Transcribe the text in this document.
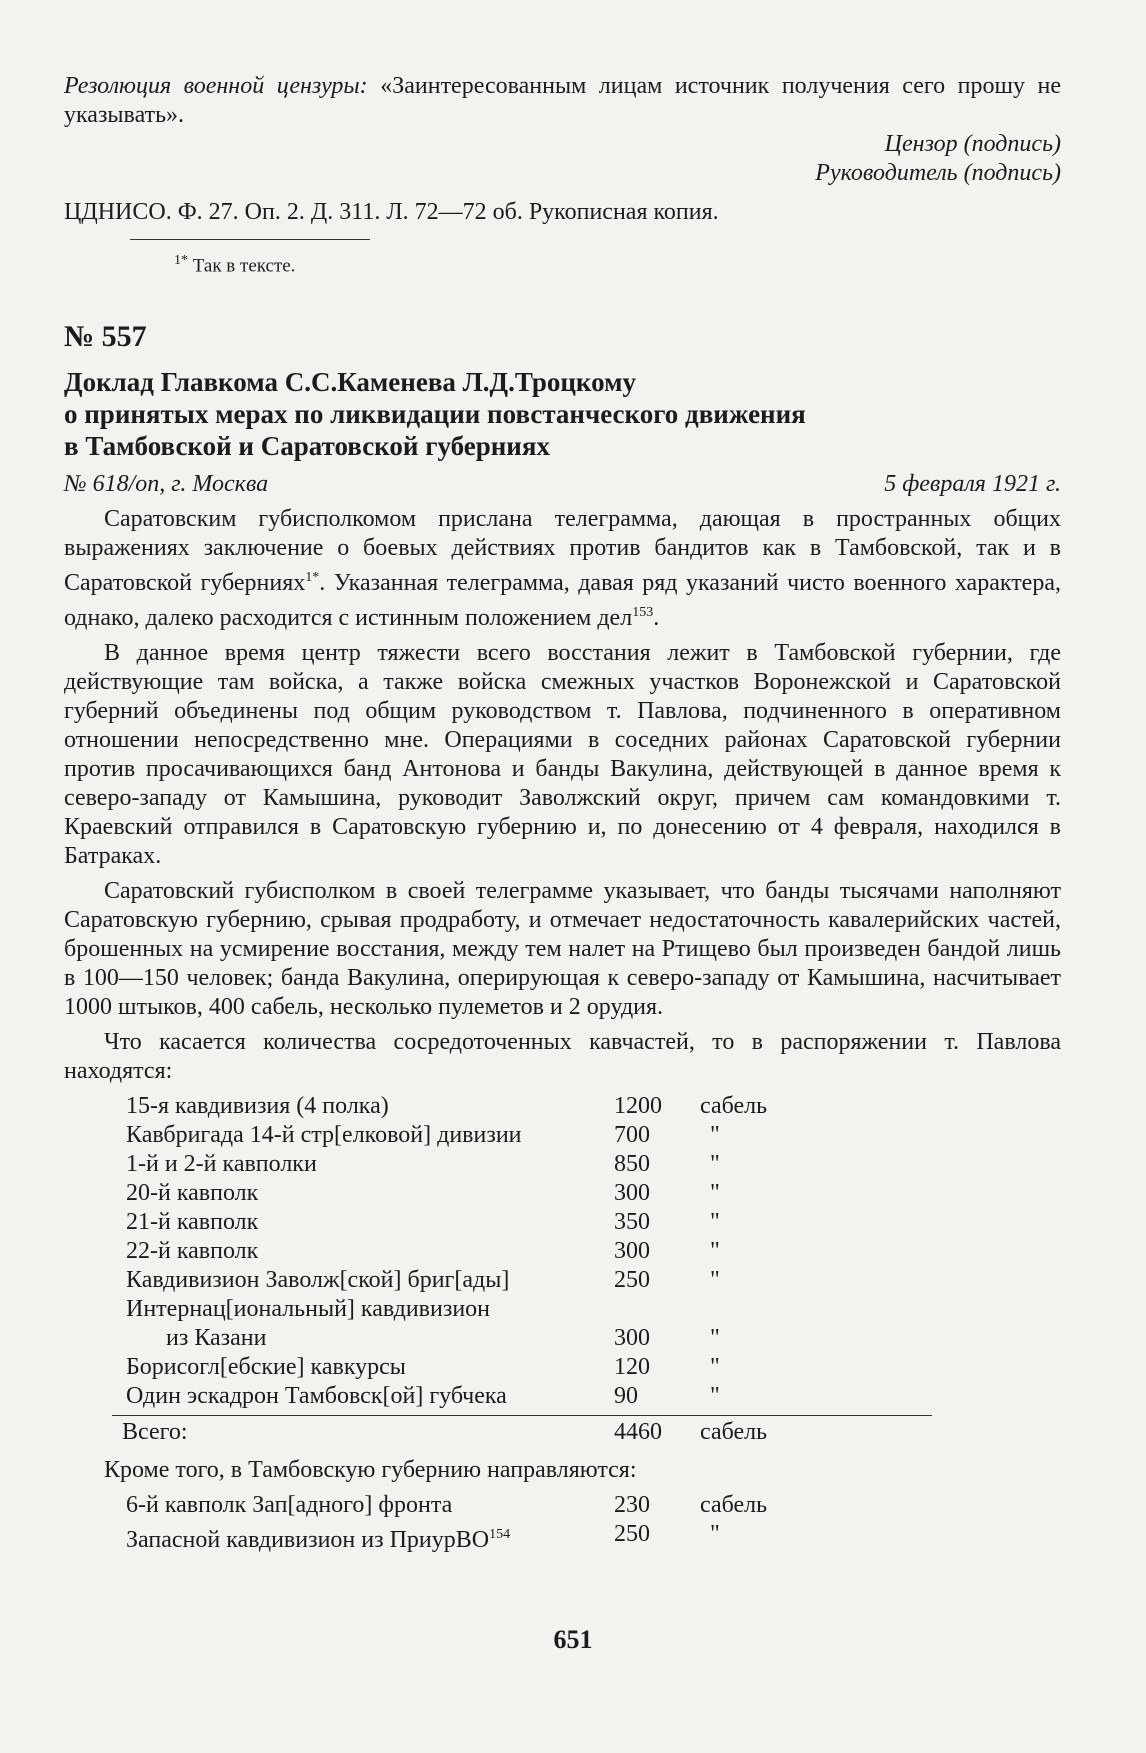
Резолюция военной цензуры: «Заинтересованным лицам источник получения сего прошу не указывать».
Цензор (подпись)
Руководитель (подпись)
ЦДНИСО. Ф. 27. Оп. 2. Д. 311. Л. 72—72 об. Рукописная копия.
$^{1*}$ Так в тексте.
№ 557
Доклад Главкома С.С.Каменева Л.Д.Троцкому
о принятых мерах по ликвидации повстанческого движения
в Тамбовской и Саратовской губерниях
№ 618/оп, г. Москва	5 февраля 1921 г.

Саратовским губисполкомом прислана телеграмма, дающая в пространных общих выражениях заключение о боевых действиях против бандитов как в Тамбовской, так и в Саратовской губерниях$^{1*}$. Указанная телеграмма, давая ряд указаний чисто военного характера, однако, далеко расходится с истинным положением дел$^{153}$.

В данное время центр тяжести всего восстания лежит в Тамбовской губернии, где действующие там войска, а также войска смежных участков Воронежской и Саратовской губерний объединены под общим руководством т. Павлова, подчиненного в оперативном отношении непосредственно мне. Операциями в соседних районах Саратовской губернии против просачивающихся банд Антонова и банды Вакулина, действующей в данное время к северо-западу от Камышина, руководит Заволжский округ, причем сам командовкими т. Краевский отправился в Саратовскую губернию и, по донесению от 4 февраля, находился в Батраках.

Саратовский губисполком в своей телеграмме указывает, что банды тысячами наполняют Саратовскую губернию, срывая продработу, и отмечает недостаточность кавалерийских частей, брошенных на усмирение восстания, между тем налет на Ртищево был произведен бандой лишь в 100—150 человек; банда Вакулина, оперирующая к северо-западу от Камышина, насчитывает 1000 штыков, 400 сабель, несколько пулеметов и 2 орудия.

Что касается количества сосредоточенных кавчастей, то в распоряжении т. Павлова находятся:

15-я кавдивизия (4 полка)	1200	сабель
Кавбригада 14-й стр[елковой] дивизии	700	"
1-й и 2-й кавполки	850	"
20-й кавполк	300	"
21-й кавполк	350	"
22-й кавполк	300	"
Кавдивизион Заволж[ской] бриг[ады]	250	"
Интернац[иональный] кавдивизион
из Казани	300	"
Борисогл[ебские] кавкурсы	120	"
Один эскадрон Тамбовск[ой] губчека	90	"
Всего:	4460	сабель
Кроме того, в Тамбовскую губернию направляются:
6-й кавполк Зап[адного] фронта	230	сабель
Запасной кавдивизион из ПриурВО$^{154}$	250	"
651
